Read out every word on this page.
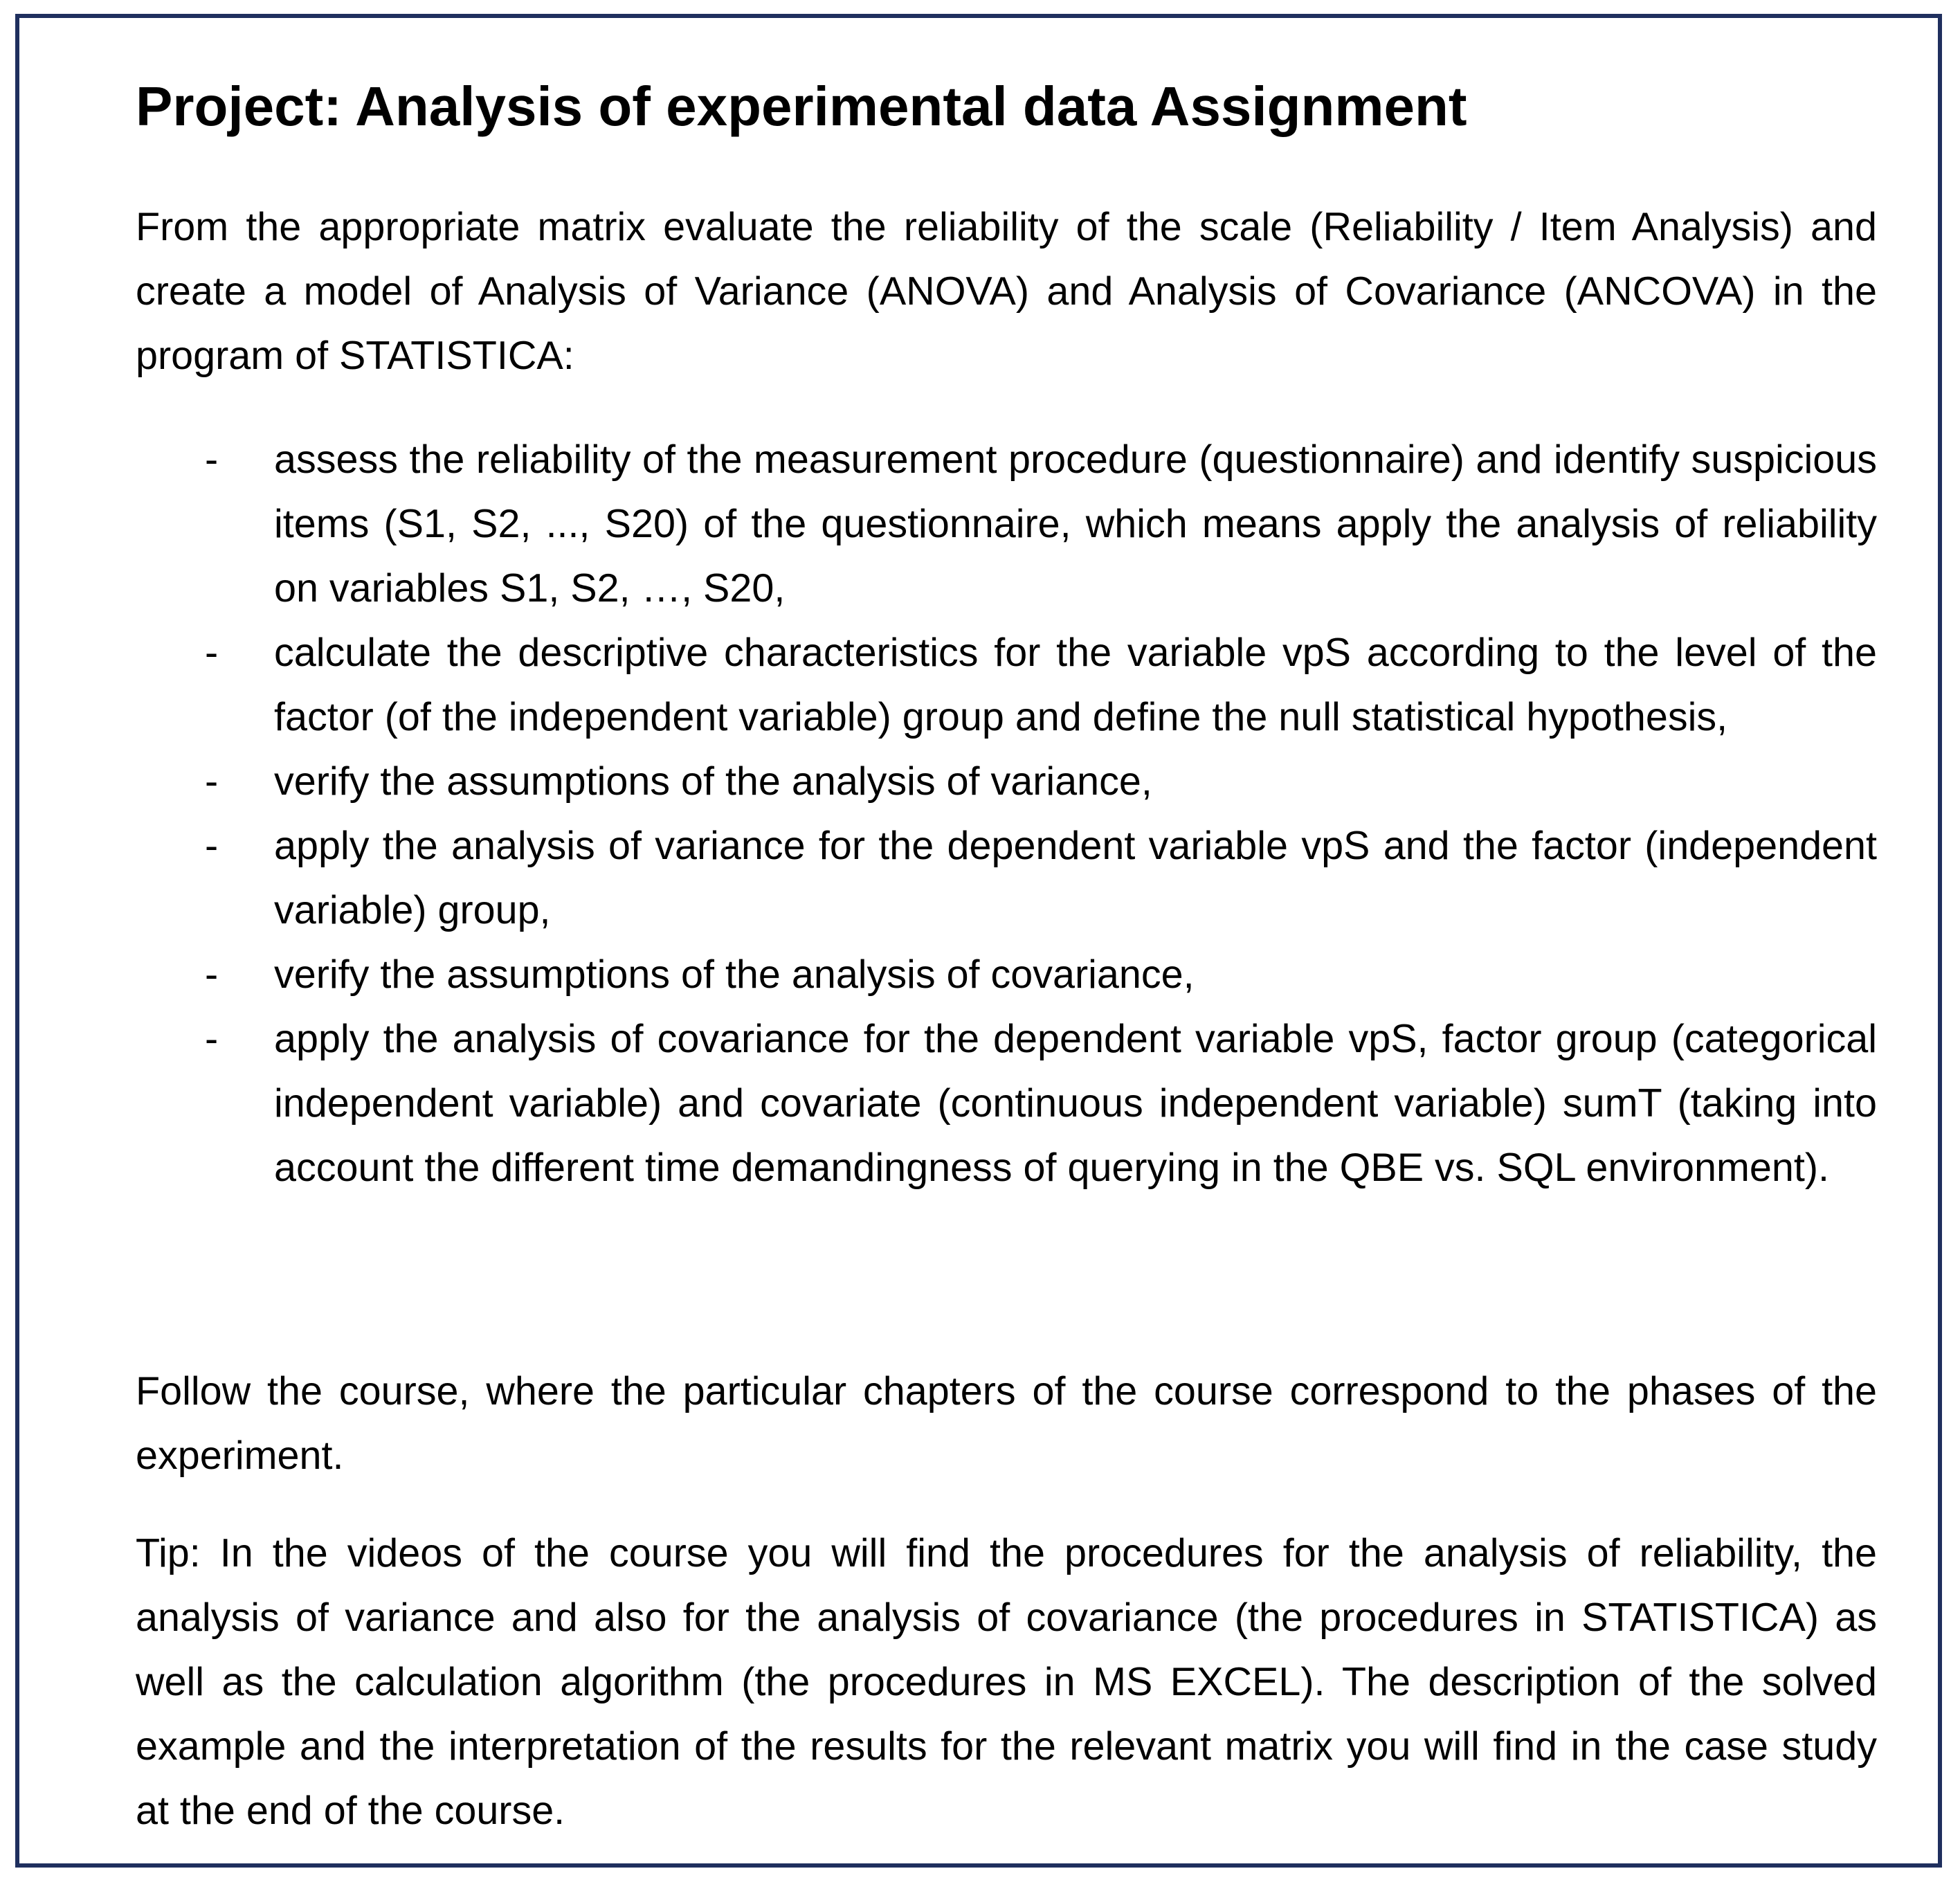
Project: Analysis of experimental data Assignment

From the appropriate matrix evaluate the reliability of the scale (Reliability / Item Analysis) and create a model of Analysis of Variance (ANOVA) and Analysis of Covariance (ANCOVA) in the program of STATISTICA:

- assess the reliability of the measurement procedure (questionnaire) and identify suspicious items (S1, S2, ..., S20) of the questionnaire, which means apply the analysis of reliability on variables S1, S2, …, S20,
- calculate the descriptive characteristics for the variable vpS according to the level of the factor (of the independent variable) group and define the null statistical hypothesis,
- verify the assumptions of the analysis of variance,
- apply the analysis of variance for the dependent variable vpS and the factor (independent variable) group,
- verify the assumptions of the analysis of covariance,
- apply the analysis of covariance for the dependent variable vpS, factor group (categorical independent variable) and covariate (continuous independent variable) sumT (taking into account the different time demandingness of querying in the QBE vs. SQL environment).

Follow the course, where the particular chapters of the course correspond to the phases of the experiment.

Tip: In the videos of the course you will find the procedures for the analysis of reliability, the analysis of variance and also for the analysis of covariance (the procedures in STATISTICA) as well as the calculation algorithm (the procedures in MS EXCEL). The description of the solved example and the interpretation of the results for the relevant matrix you will find in the case study at the end of the course.
